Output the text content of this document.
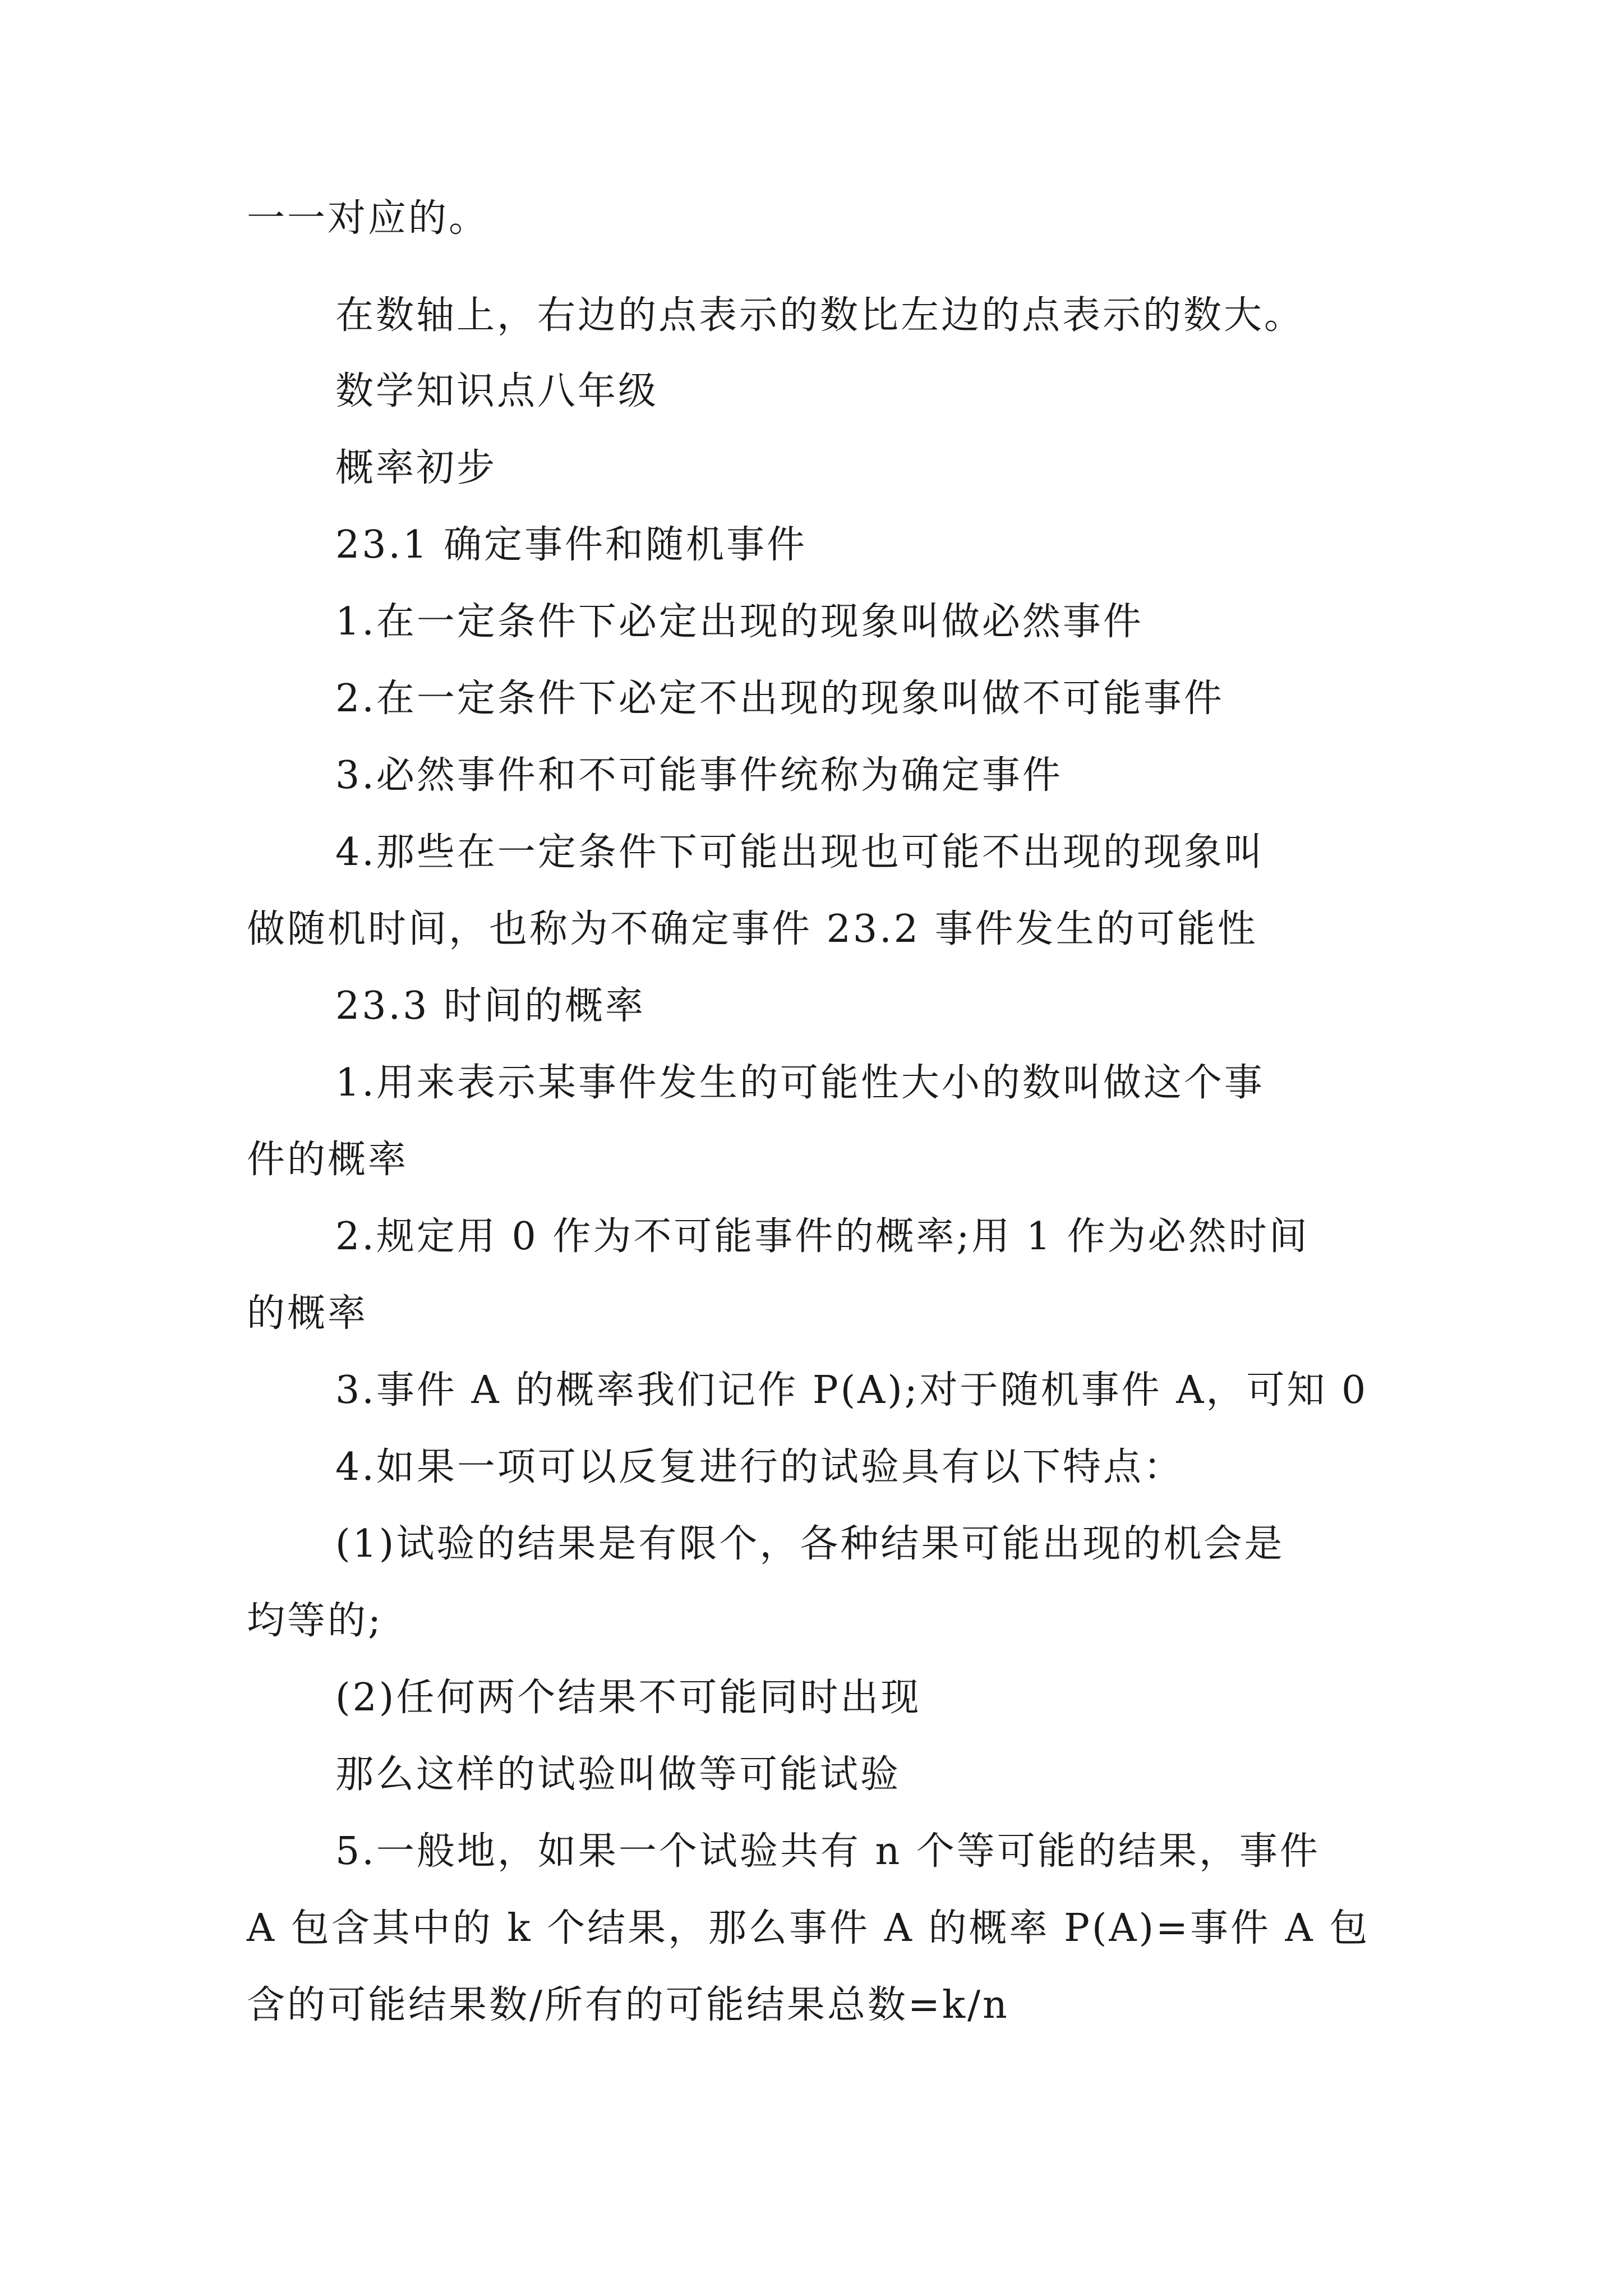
一一对应的。
在数轴上，右边的点表示的数比左边的点表示的数大。
数学知识点八年级
概率初步
23.1 确定事件和随机事件
1.在一定条件下必定出现的现象叫做必然事件
2.在一定条件下必定不出现的现象叫做不可能事件
3.必然事件和不可能事件统称为确定事件
4.那些在一定条件下可能出现也可能不出现的现象叫
做随机时间，也称为不确定事件 23.2 事件发生的可能性
23.3 时间的概率
1.用来表示某事件发生的可能性大小的数叫做这个事
件的概率
2.规定用 0 作为不可能事件的概率;用 1 作为必然时间
的概率
3.事件 A 的概率我们记作 P(A);对于随机事件 A，可知 0
4.如果一项可以反复进行的试验具有以下特点：
(1)试验的结果是有限个，各种结果可能出现的机会是
均等的;
(2)任何两个结果不可能同时出现
那么这样的试验叫做等可能试验
5.一般地，如果一个试验共有 n 个等可能的结果，事件
A 包含其中的 k 个结果，那么事件 A 的概率 P(A)=事件 A 包
含的可能结果数/所有的可能结果总数=k/n
